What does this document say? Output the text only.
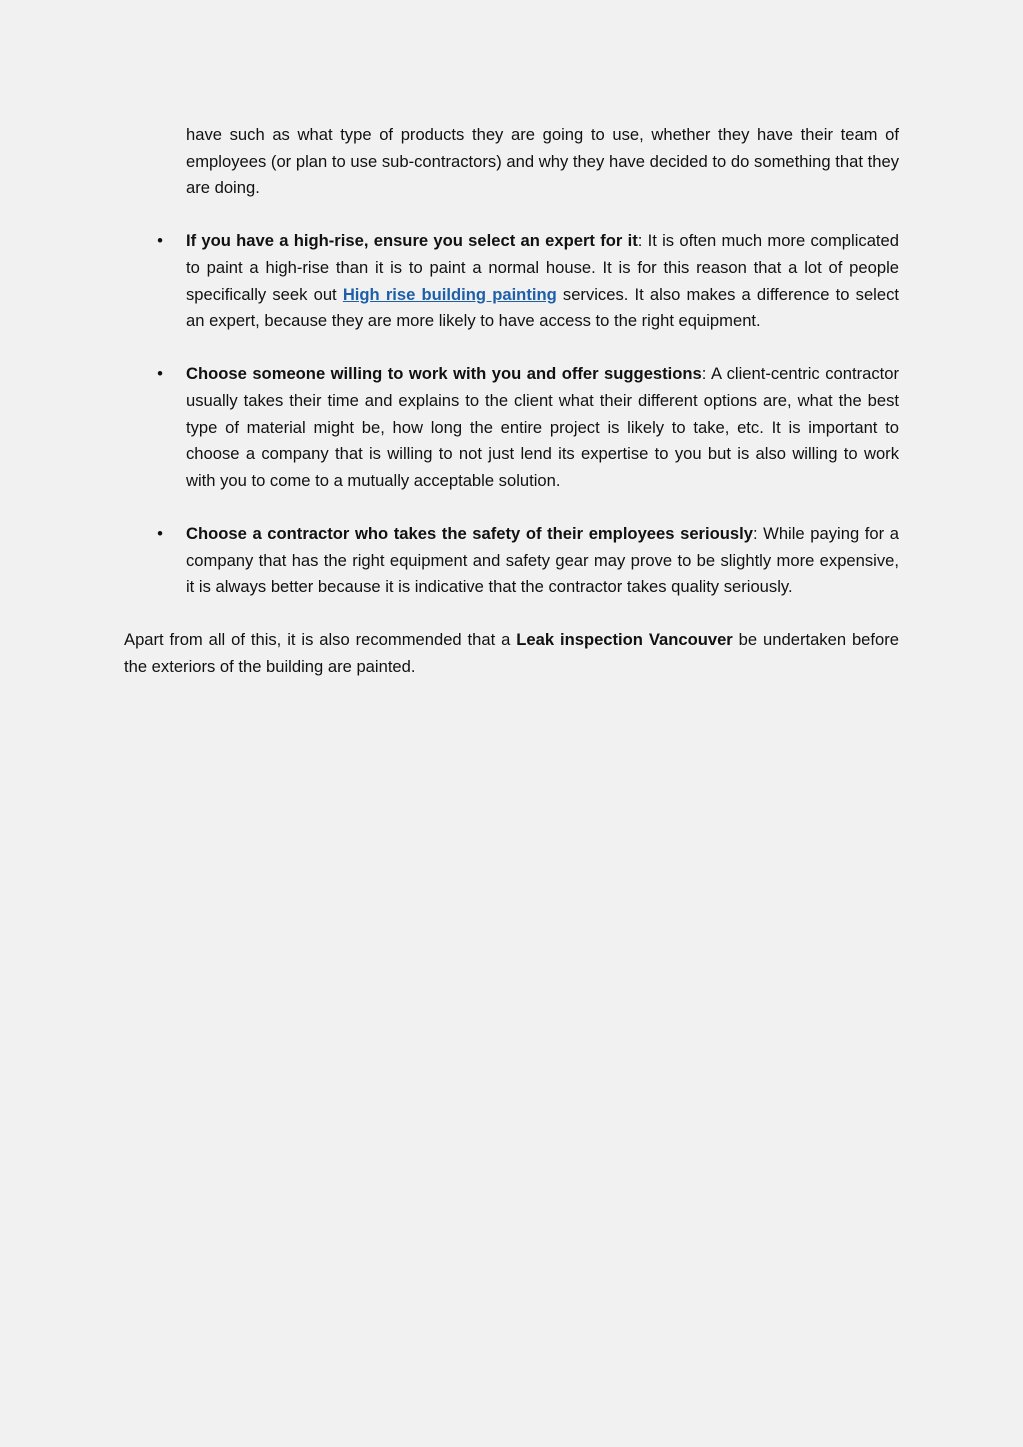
have such as what type of products they are going to use, whether they have their team of employees (or plan to use sub-contractors) and why they have decided to do something that they are doing.

• If you have a high-rise, ensure you select an expert for it: It is often much more complicated to paint a high-rise than it is to paint a normal house. It is for this reason that a lot of people specifically seek out High rise building painting services. It also makes a difference to select an expert, because they are more likely to have access to the right equipment.
• Choose someone willing to work with you and offer suggestions: A client-centric contractor usually takes their time and explains to the client what their different options are, what the best type of material might be, how long the entire project is likely to take, etc. It is important to choose a company that is willing to not just lend its expertise to you but is also willing to work with you to come to a mutually acceptable solution.
• Choose a contractor who takes the safety of their employees seriously: While paying for a company that has the right equipment and safety gear may prove to be slightly more expensive, it is always better because it is indicative that the contractor takes quality seriously.

Apart from all of this, it is also recommended that a Leak inspection Vancouver be undertaken before the exteriors of the building are painted.
